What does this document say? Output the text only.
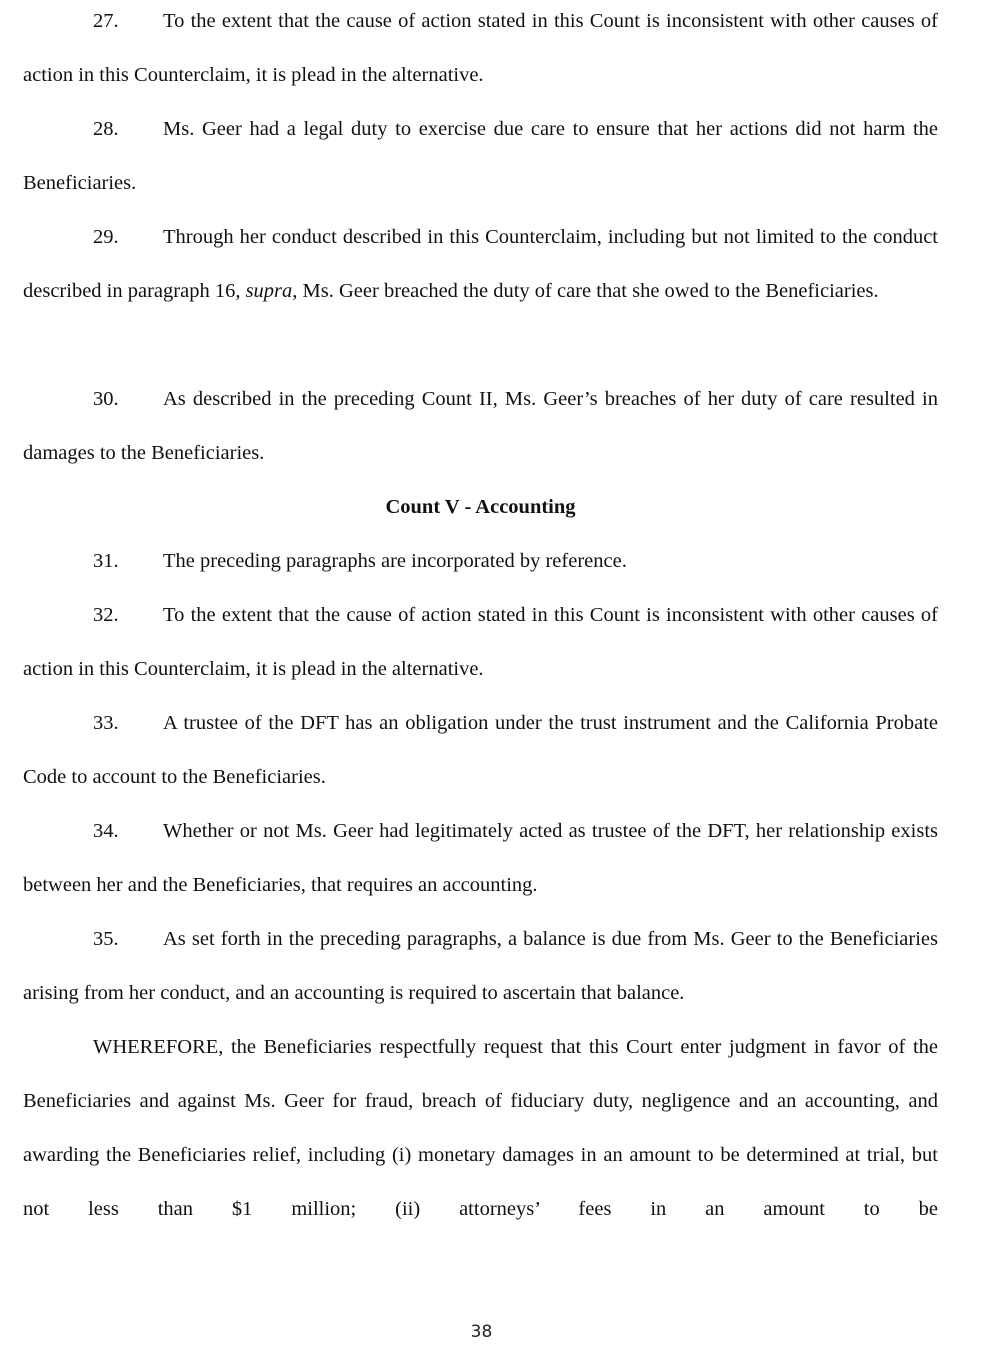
27. To the extent that the cause of action stated in this Count is inconsistent with other causes of action in this Counterclaim, it is plead in the alternative.

28. Ms. Geer had a legal duty to exercise due care to ensure that her actions did not harm the Beneficiaries.

29. Through her conduct described in this Counterclaim, including but not limited to the conduct described in paragraph 16, supra, Ms. Geer breached the duty of care that she owed to the Beneficiaries.

30. As described in the preceding Count II, Ms. Geer’s breaches of her duty of care resulted in damages to the Beneficiaries.

Count V - Accounting

31. The preceding paragraphs are incorporated by reference.

32. To the extent that the cause of action stated in this Count is inconsistent with other causes of action in this Counterclaim, it is plead in the alternative.

33. A trustee of the DFT has an obligation under the trust instrument and the California Probate Code to account to the Beneficiaries.

34. Whether or not Ms. Geer had legitimately acted as trustee of the DFT, her relationship exists between her and the Beneficiaries, that requires an accounting.

35. As set forth in the preceding paragraphs, a balance is due from Ms. Geer to the Beneficiaries arising from her conduct, and an accounting is required to ascertain that balance.

WHEREFORE, the Beneficiaries respectfully request that this Court enter judgment in favor of the Beneficiaries and against Ms. Geer for fraud, breach of fiduciary duty, negligence and an accounting, and awarding the Beneficiaries relief, including (i) monetary damages in an amount to be determined at trial, but not less than $1 million; (ii) attorneys’ fees in an amount to be

38
